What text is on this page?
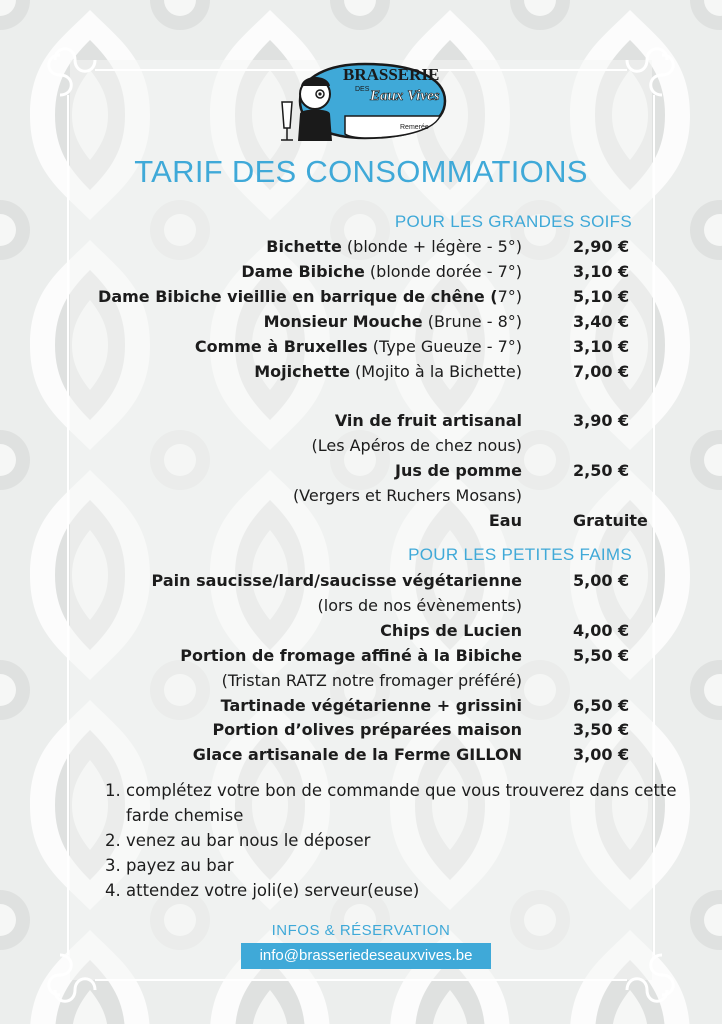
BRASSERIE
DES Eaux Vives
Remerée
TARIF DES CONSOMMATIONS
POUR LES GRANDES SOIFS
Bichette (blonde + légère - 5°)	2,90 €
Dame Bibiche (blonde dorée - 7°)	3,10 €
Dame Bibiche vieillie en barrique de chêne (7°)	5,10 €
Monsieur Mouche (Brune - 8°)	3,40 €
Comme à Bruxelles (Type Gueuze - 7°)	3,10 €
Mojichette (Mojito à la Bichette)	7,00 €
Vin de fruit artisanal	3,90 €
(Les Apéros de chez nous)
Jus de pomme	2,50 €
(Vergers et Ruchers Mosans)
Eau	Gratuite
POUR LES PETITES FAIMS
Pain saucisse/lard/saucisse végétarienne	5,00 €
(lors de nos évènements)
Chips de Lucien	4,00 €
Portion de fromage affiné à la Bibiche	5,50 €
(Tristan RATZ notre fromager préféré)
Tartinade végétarienne + grissini	6,50 €
Portion d’olives préparées maison	3,50 €
Glace artisanale de la Ferme GILLON	3,00 €
1. complétez votre bon de commande que vous trouverez dans cette farde chemise
2. venez au bar nous le déposer
3. payez au bar
4. attendez votre joli(e) serveur(euse)
INFOS & RÉSERVATION
info@brasseriedeseauxvives.be
